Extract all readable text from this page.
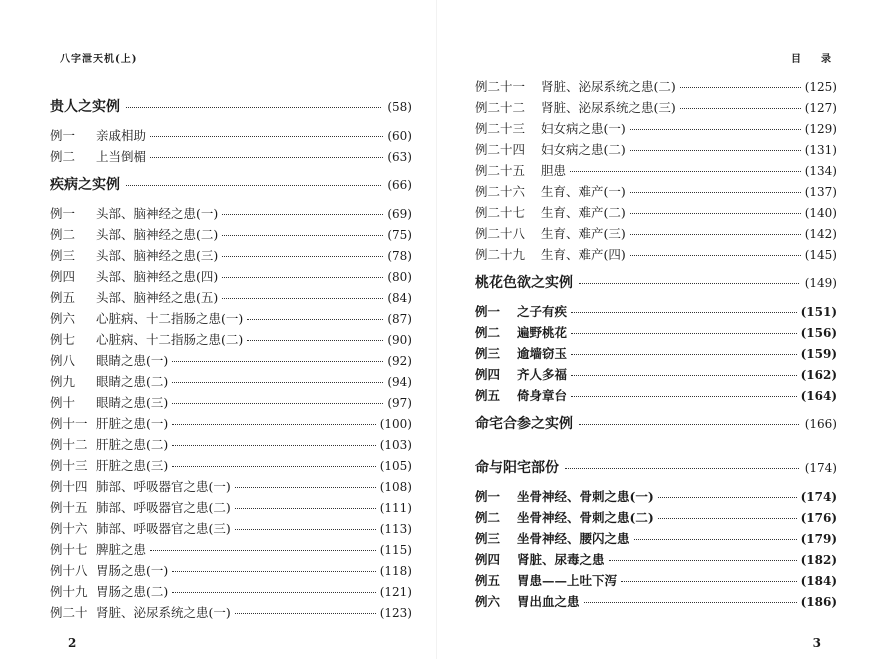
八字泄天机(上)
贵人之实例	(58)
例一	亲戚相助	(60)
例二	上当倒楣	(63)
疾病之实例	(66)
例一	头部、脑神经之患(一)	(69)
例二	头部、脑神经之患(二)	(75)
例三	头部、脑神经之患(三)	(78)
例四	头部、脑神经之患(四)	(80)
例五	头部、脑神经之患(五)	(84)
例六	心脏病、十二指肠之患(一)	(87)
例七	心脏病、十二指肠之患(二)	(90)
例八	眼睛之患(一)	(92)
例九	眼睛之患(二)	(94)
例十	眼睛之患(三)	(97)
例十一 肝脏之患(一)	(100)
例十二 肝脏之患(二)	(103)
例十三 肝脏之患(三)	(105)
例十四 肺部、呼吸器官之患(一)	(108)
例十五 肺部、呼吸器官之患(二)	(111)
例十六 肺部、呼吸器官之患(三)	(113)
例十七 脾脏之患	(115)
例十八 胃肠之患(一)	(118)
例十九 胃肠之患(二)	(121)
例二十 肾脏、泌尿系统之患(一)	(123)
2
目录
例二十一	肾脏、泌尿系统之患(二)	(125)
例二十二	肾脏、泌尿系统之患(三)	(127)
例二十三	妇女病之患(一)	(129)
例二十四	妇女病之患(二)	(131)
例二十五	胆患	(134)
例二十六	生育、难产(一)	(137)
例二十七	生育、难产(二)	(140)
例二十八	生育、难产(三)	(142)
例二十九	生育、难产(四)	(145)
桃花色欲之实例	(149)
例一	之子有疾	(151)
例二	遍野桃花	(156)
例三	逾墙窃玉	(159)
例四	齐人多福	(162)
例五	倚身章台	(164)
命宅合参之实例	(166)
命与阳宅部份	(174)
例一	坐骨神经、骨刺之患(一)	(174)
例二	坐骨神经、骨刺之患(二)	(176)
例三	坐骨神经、腰闪之患	(179)
例四	肾脏、尿毒之患	(182)
例五	胃患——上吐下泻	(184)
例六	胃出血之患	(186)
3
